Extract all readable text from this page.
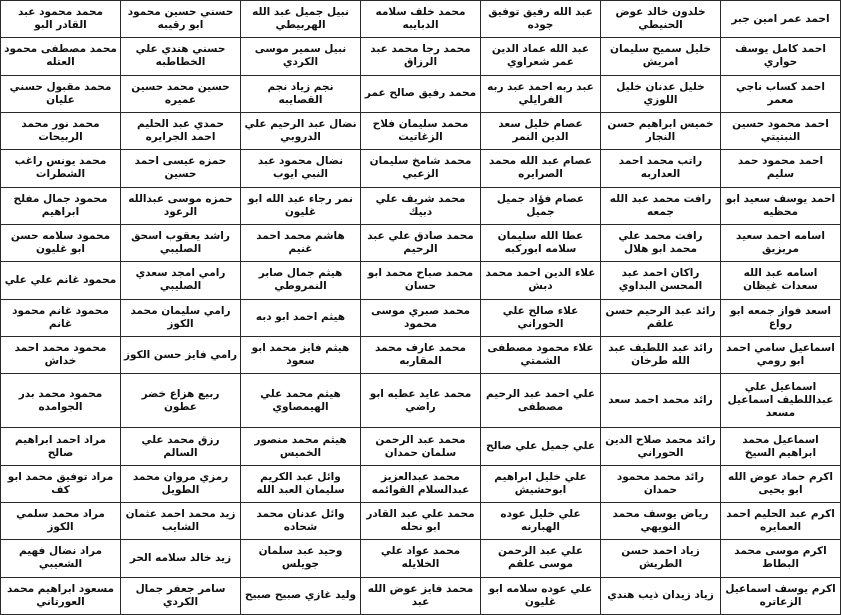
احمد عمر امين جبر	خلدون خالد عوض الحنيطي	عبد الله رفيق توفيق جوده	محمد خلف سلامه الدبايبه	نبيل جميل عبد الله الهربيطي	حسني حسين محمود ابو رقيبه	محمد محمود عبد القادر البو
احمد كامل يوسف حواري	خليل سميح سليمان امريش	عبد الله عماد الدين عمر شعراوي	محمد رجا محمد عبد الرزاق	نبيل سمير موسى الكردي	حسني هندي علي الخطاطبه	محمد مصطفى محمود العتله
احمد كساب ناجي معمر	خليل عدنان خليل اللوزي	عبد ربه احمد عبد ربه الفرايلي	محمد رفيق صالح عمر	نجم زياد نجم القصايبه	حسين محمد حسين عميره	محمد مقبول حسني عليان
احمد محمود حسين النبتيتي	خميس ابراهيم حسن النجار	عصام خليل سعد الدين النمر	محمد سليمان فلاح الزغاتيت	نضال عبد الرحيم علي الدروبي	حمدي عبد الحليم احمد الجرايره	محمد نور محمد الربيحات
احمد محمود حمد سليم	راتب محمد احمد العداربه	عصام عبد الله محمد الصرايره	محمد شامخ سليمان الزعبي	نضال محمود عبد النبي ايوب	حمزه عيسى احمد حسين	محمد يونس راغب الشطرات
احمد يوسف سعيد ابو محظيه	رافت محمد عبد الله جمعه	عصام فؤاد جميل جميل	محمد شريف علي دبيك	نمر رجاء عبد الله ابو غليون	حمزه موسى عبدالله الرعود	محمود جمال مفلح ابراهيم
اسامه احمد سعيد مريزيق	رافت محمد علي محمد ابو هلال	عطا الله سليمان سلامه ابوركبه	محمد صادق علي عبد الرحيم	هاشم محمد احمد غنيم	راشد يعقوب اسحق الصليبي	محمود سلامه حسن ابو غليون
اسامه عبد الله سعدات غيظان	راكان احمد عبد المحسن البداوي	علاء الدين احمد محمد دبش	محمد صباح محمد ابو حسان	هيثم جمال صابر النمروطي	رامي امجد سعدي الصليبي	محمود غانم علي علي
اسعد فواز جمعه ابو رواع	رائد عبد الرحيم حسن علقم	علاء صالح علي الحوراني	محمد صبري موسى محمود	هيثم احمد ابو دبه	رامي سليمان محمد الكوز	محمود غانم محمود غانم
اسماعيل سامي احمد ابو رومي	رائد عبد اللطيف عبد الله طرخان	علاء محمود مصطفى الشمتي	محمد عارف محمد المقاربه	هيثم فايز محمد ابو سعود	رامي فايز حسن الكوز	محمود محمد احمد خداش
اسماعيل علي عبداللطيف اسماعيل مسعد	رائد محمد احمد سعد	علي احمد عبد الرحيم مصطفى	محمد عايد عطيه ابو راضي	هيثم محمد علي الهيمصاوي	ربيع هزاع خضر عطون	محمود محمد بدر الجوامده
اسماعيل محمد ابراهيم السيخ	رائد محمد صلاح الدين الحوراني	علي جميل علي صالح	محمد عبد الرحمن سلمان حمدان	هيثم محمد منصور الخميس	رزق محمد علي السالم	مراد احمد ابراهيم صالح
اكرم حماد عوض الله ابو يحيى	رائد محمد محمود حمدان	علي خليل ابراهيم ابوحشيش	محمد عبدالعزيز عبدالسلام القوائمه	وائل عبد الكريم سليمان العبد الله	رمزي مروان محمد الطويل	مراد توفيق محمد ابو كف
اكرم عبد الحليم احمد العمايره	رياض يوسف محمد النويهي	علي خليل عوده الهبارنه	محمد علي عبد القادر ابو نحله	وائل عدنان محمد شحاده	زيد محمد احمد عثمان الشايب	مراد محمد سلمي الكوز
اكرم موسى محمد البطاط	زياد احمد حسن الطريش	علي عبد الرحمن موسى علقم	محمد عواد علي الخلايله	وحيد عبد سلمان جويلس	زيد خالد سلامه الحر	مراد نضال فهيم الشعيبي
اكرم يوسف اسماعيل الزعاتره	زياد زيدان ذيب هندي	علي عوده سلامه ابو غليون	محمد فايز عوض الله عبد	وليد غازي صبيح صبيح	سامر جعفر جمال الكردي	مسعود ابراهيم محمد العورتاني
